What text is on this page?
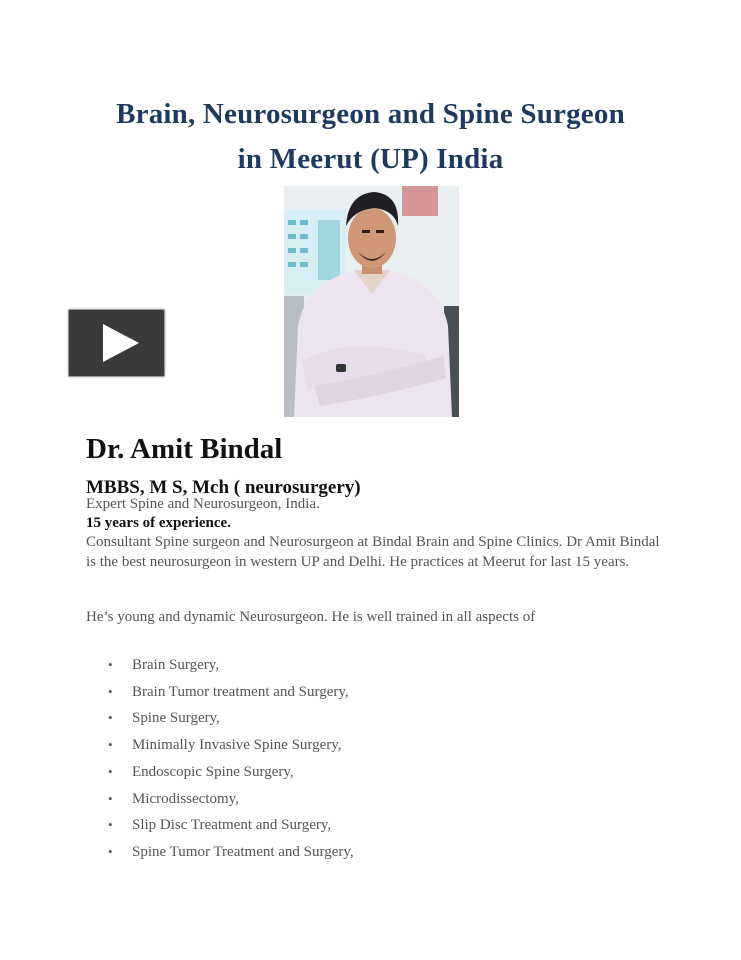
Brain, Neurosurgeon and Spine Surgeon
in Meerut (UP) India
Dr. Amit Bindal
MBBS, M S, Mch ( neurosurgery)
Expert Spine and Neurosurgeon, India.
15 years of experience.
Consultant Spine surgeon and Neurosurgeon at Bindal Brain and Spine Clinics. Dr Amit Bindal is the best neurosurgeon in western UP and Delhi. He practices at Meerut for last 15 years.
He’s young and dynamic Neurosurgeon. He is well trained in all aspects of
• Brain Surgery,
• Brain Tumor treatment and Surgery,
• Spine Surgery,
• Minimally Invasive Spine Surgery,
• Endoscopic Spine Surgery,
• Microdissectomy,
• Slip Disc Treatment and Surgery,
• Spine Tumor Treatment and Surgery,
